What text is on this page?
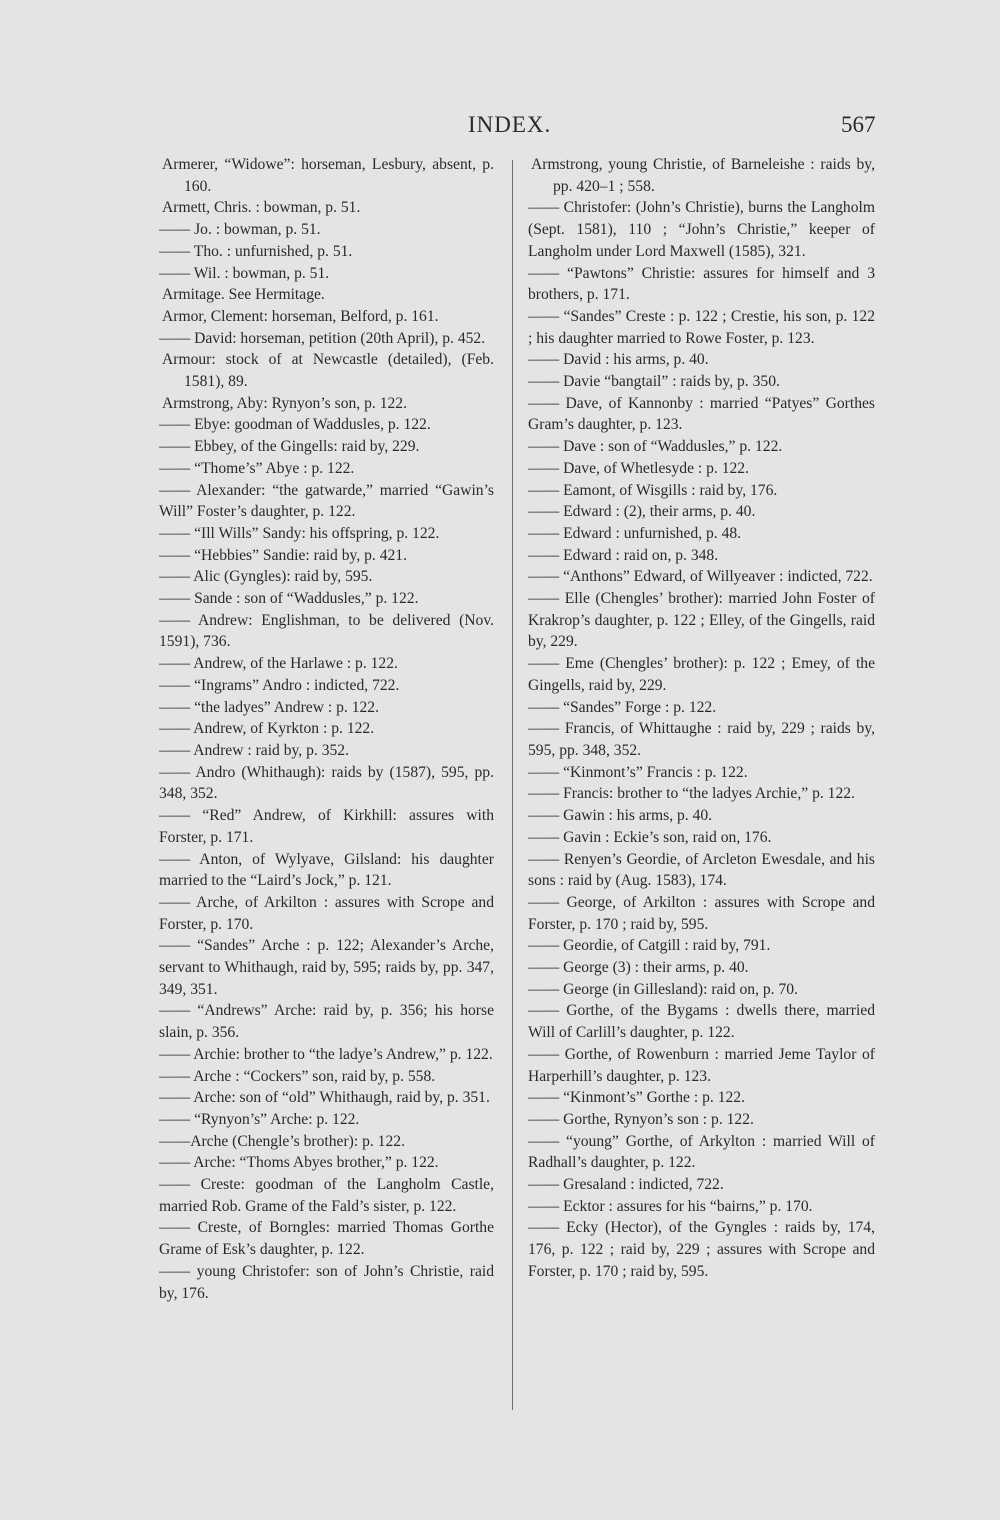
INDEX.	567
Armerer, “Widowe”: horseman, Lesbury, absent, p. 160.
Armett, Chris. : bowman, p. 51.
—— Jo. : bowman, p. 51.
—— Tho. : unfurnished, p. 51.
—— Wil. : bowman, p. 51.
Armitage. See Hermitage.
Armor, Clement: horseman, Belford, p. 161.
—— David: horseman, petition (20th April), p. 452.
Armour: stock of at Newcastle (detailed), (Feb. 1581), 89.
Armstrong, Aby: Rynyon’s son, p. 122.
—— Ebye: goodman of Waddusles, p. 122.
—— Ebbey, of the Gingells: raid by, 229.
—— “Thome’s” Abye : p. 122.
—— Alexander: “the gatwarde,” married “Gawin’s Will” Foster’s daughter, p. 122.
—— “Ill Wills” Sandy: his offspring, p. 122.
—— “Hebbies” Sandie: raid by, p. 421.
—— Alic (Gyngles): raid by, 595.
—— Sande : son of “Waddusles,” p. 122.
—— Andrew: Englishman, to be delivered (Nov. 1591), 736.
—— Andrew, of the Harlawe : p. 122.
—— “Ingrams” Andro : indicted, 722.
—— “the ladyes” Andrew : p. 122.
—— Andrew, of Kyrkton : p. 122.
—— Andrew : raid by, p. 352.
—— Andro (Whithaugh): raids by (1587), 595, pp. 348, 352.
—— “Red” Andrew, of Kirkhill: assures with Forster, p. 171.
—— Anton, of Wylyave, Gilsland: his daughter married to the “Laird’s Jock,” p. 121.
—— Arche, of Arkilton : assures with Scrope and Forster, p. 170.
—— “Sandes” Arche : p. 122; Alexander’s Arche, servant to Whithaugh, raid by, 595; raids by, pp. 347, 349, 351.
—— “Andrews” Arche: raid by, p. 356; his horse slain, p. 356.
—— Archie: brother to “the ladye’s Andrew,” p. 122.
—— Arche : “Cockers” son, raid by, p. 558.
—— Arche: son of “old” Whithaugh, raid by, p. 351.
—— “Rynyon’s” Arche: p. 122.
——Arche (Chengle’s brother): p. 122.
—— Arche: “Thoms Abyes brother,” p. 122.
—— Creste: goodman of the Langholm Castle, married Rob. Grame of the Fald’s sister, p. 122.
—— Creste, of Borngles: married Thomas Gorthe Grame of Esk’s daughter, p. 122.
—— young Christofer: son of John’s Christie, raid by, 176.
Armstrong, young Christie, of Barneleishe : raids by, pp. 420–1 ; 558.
—— Christofer: (John’s Christie), burns the Langholm (Sept. 1581), 110 ; “John’s Christie,” keeper of Langholm under Lord Maxwell (1585), 321.
—— “Pawtons” Christie: assures for himself and 3 brothers, p. 171.
—— “Sandes” Creste : p. 122 ; Crestie, his son, p. 122 ; his daughter married to Rowe Foster, p. 123.
—— David : his arms, p. 40.
—— Davie “bangtail” : raids by, p. 350.
—— Dave, of Kannonby : married “Patyes” Gorthes Gram’s daughter, p. 123.
—— Dave : son of “Waddusles,” p. 122.
—— Dave, of Whetlesyde : p. 122.
—— Eamont, of Wisgills : raid by, 176.
—— Edward : (2), their arms, p. 40.
—— Edward : unfurnished, p. 48.
—— Edward : raid on, p. 348.
—— “Anthons” Edward, of Willyeaver : indicted, 722.
—— Elle (Chengles’ brother): married John Foster of Krakrop’s daughter, p. 122 ; Elley, of the Gingells, raid by, 229.
—— Eme (Chengles’ brother): p. 122 ; Emey, of the Gingells, raid by, 229.
—— “Sandes” Forge : p. 122.
—— Francis, of Whittaughe : raid by, 229 ; raids by, 595, pp. 348, 352.
—— “Kinmont’s” Francis : p. 122.
—— Francis: brother to “the ladyes Archie,” p. 122.
—— Gawin : his arms, p. 40.
—— Gavin : Eckie’s son, raid on, 176.
—— Renyen’s Geordie, of Arcleton Ewesdale, and his sons : raid by (Aug. 1583), 174.
—— George, of Arkilton : assures with Scrope and Forster, p. 170 ; raid by, 595.
—— Geordie, of Catgill : raid by, 791.
—— George (3) : their arms, p. 40.
—— George (in Gillesland): raid on, p. 70.
—— Gorthe, of the Bygams : dwells there, married Will of Carlill’s daughter, p. 122.
—— Gorthe, of Rowenburn : married Jeme Taylor of Harperhill’s daughter, p. 123.
—— “Kinmont’s” Gorthe : p. 122.
—— Gorthe, Rynyon’s son : p. 122.
—— “young” Gorthe, of Arkylton : married Will of Radhall’s daughter, p. 122.
—— Gresaland : indicted, 722.
—— Ecktor : assures for his “bairns,” p. 170.
—— Ecky (Hector), of the Gyngles : raids by, 174, 176, p. 122 ; raid by, 229 ; assures with Scrope and Forster, p. 170 ; raid by, 595.
